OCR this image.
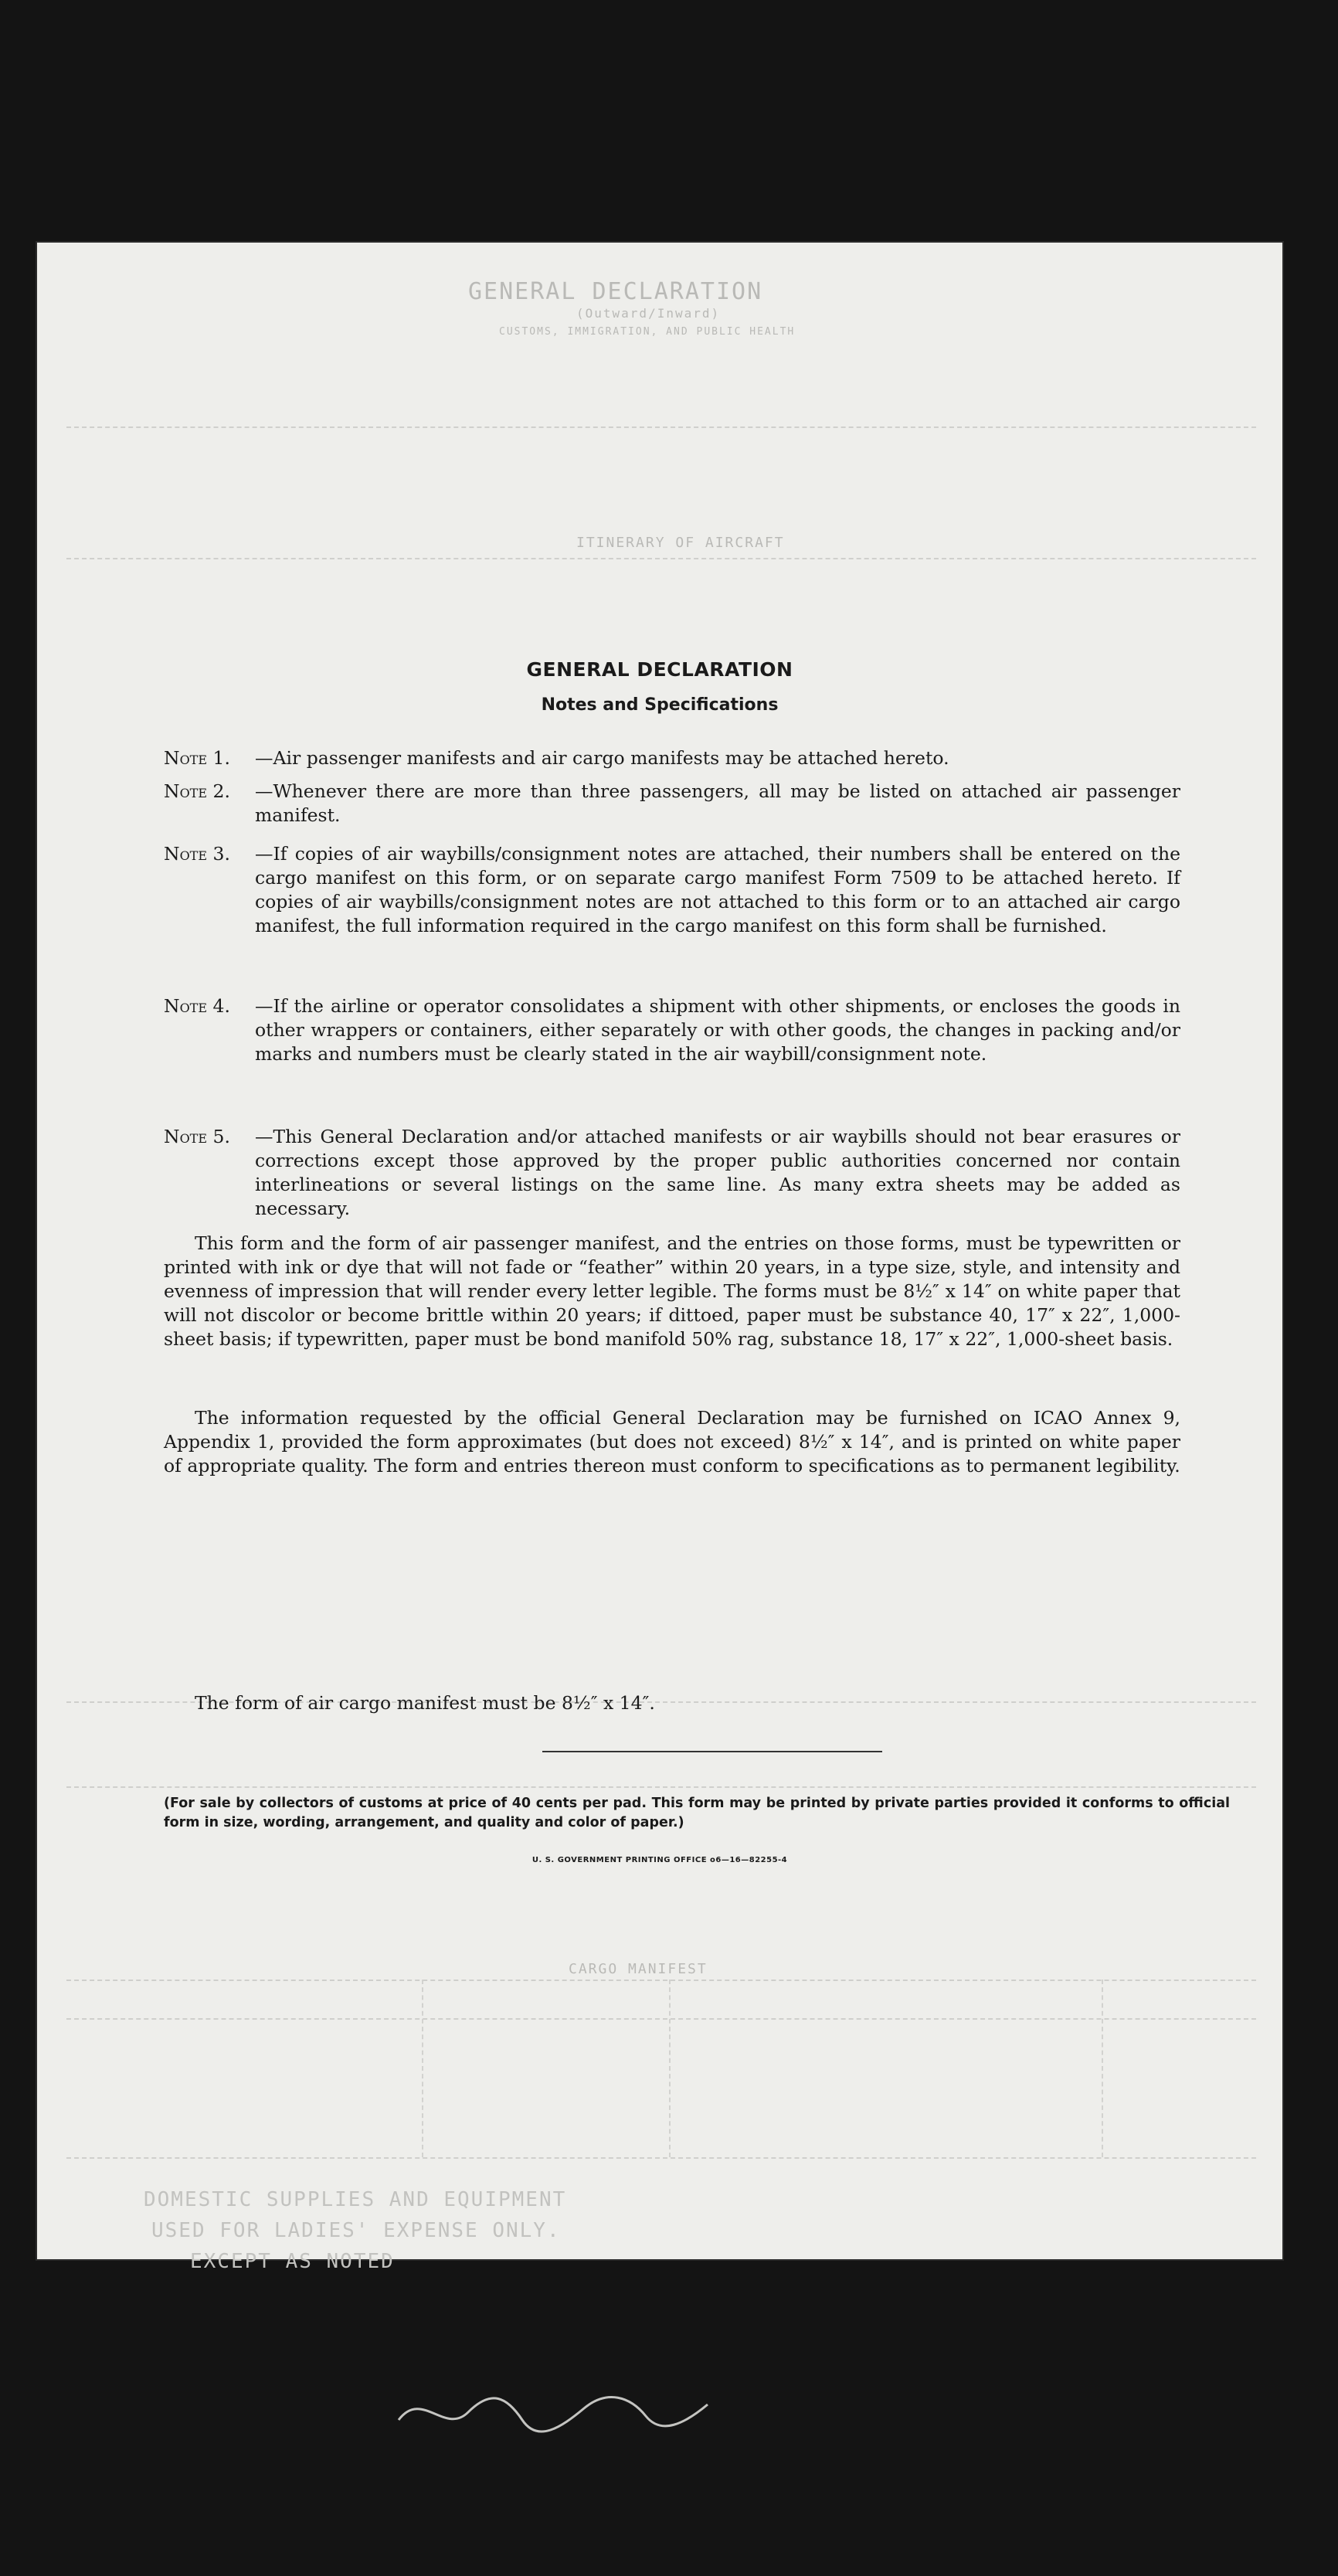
GENERAL DECLARATION
(Outward/Inward)
CUSTOMS, IMMIGRATION, AND PUBLIC HEALTH
ITINERARY OF AIRCRAFT
CARGO MANIFEST
DOMESTIC SUPPLIES AND EQUIPMENT
USED FOR LADIES' EXPENSE ONLY.
EXCEPT AS NOTED
GENERAL DECLARATION
Notes and Specifications
Note 1. —Air passenger manifests and air cargo manifests may be attached hereto.
Note 2. —Whenever there are more than three passengers, all may be listed on attached air passenger manifest.
Note 3. —If copies of air waybills/consignment notes are attached, their numbers shall be entered on the cargo manifest on this form, or on separate cargo manifest Form 7509 to be attached hereto. If copies of air waybills/consignment notes are not attached to this form or to an attached air cargo manifest, the full information required in the cargo manifest on this form shall be furnished.
Note 4. —If the airline or operator consolidates a shipment with other shipments, or encloses the goods in other wrappers or containers, either separately or with other goods, the changes in packing and/or marks and numbers must be clearly stated in the air waybill/consignment note.
Note 5. —This General Declaration and/or attached manifests or air waybills should not bear erasures or corrections except those approved by the proper public authorities concerned nor contain interlineations or several listings on the same line. As many extra sheets may be added as necessary.
This form and the form of air passenger manifest, and the entries on those forms, must be typewritten or printed with ink or dye that will not fade or “feather” within 20 years, in a type size, style, and intensity and evenness of impression that will render every letter legible. The forms must be 8½″ x 14″ on white paper that will not discolor or become brittle within 20 years; if dittoed, paper must be substance 40, 17″ x 22″, 1,000-sheet basis; if typewritten, paper must be bond manifold 50% rag, substance 18, 17″ x 22″, 1,000-sheet basis.
The information requested by the official General Declaration may be furnished on ICAO Annex 9, Appendix 1, provided the form approximates (but does not exceed) 8½″ x 14″, and is printed on white paper of appropriate quality. The form and entries thereon must conform to specifications as to permanent legibility.
The form of air cargo manifest must be 8½″ x 14″.
(For sale by collectors of customs at price of 40 cents per pad. This form may be printed by private parties provided it conforms to official form in size, wording, arrangement, and quality and color of paper.)
U. S. GOVERNMENT PRINTING OFFICE o6—16—82255-4
